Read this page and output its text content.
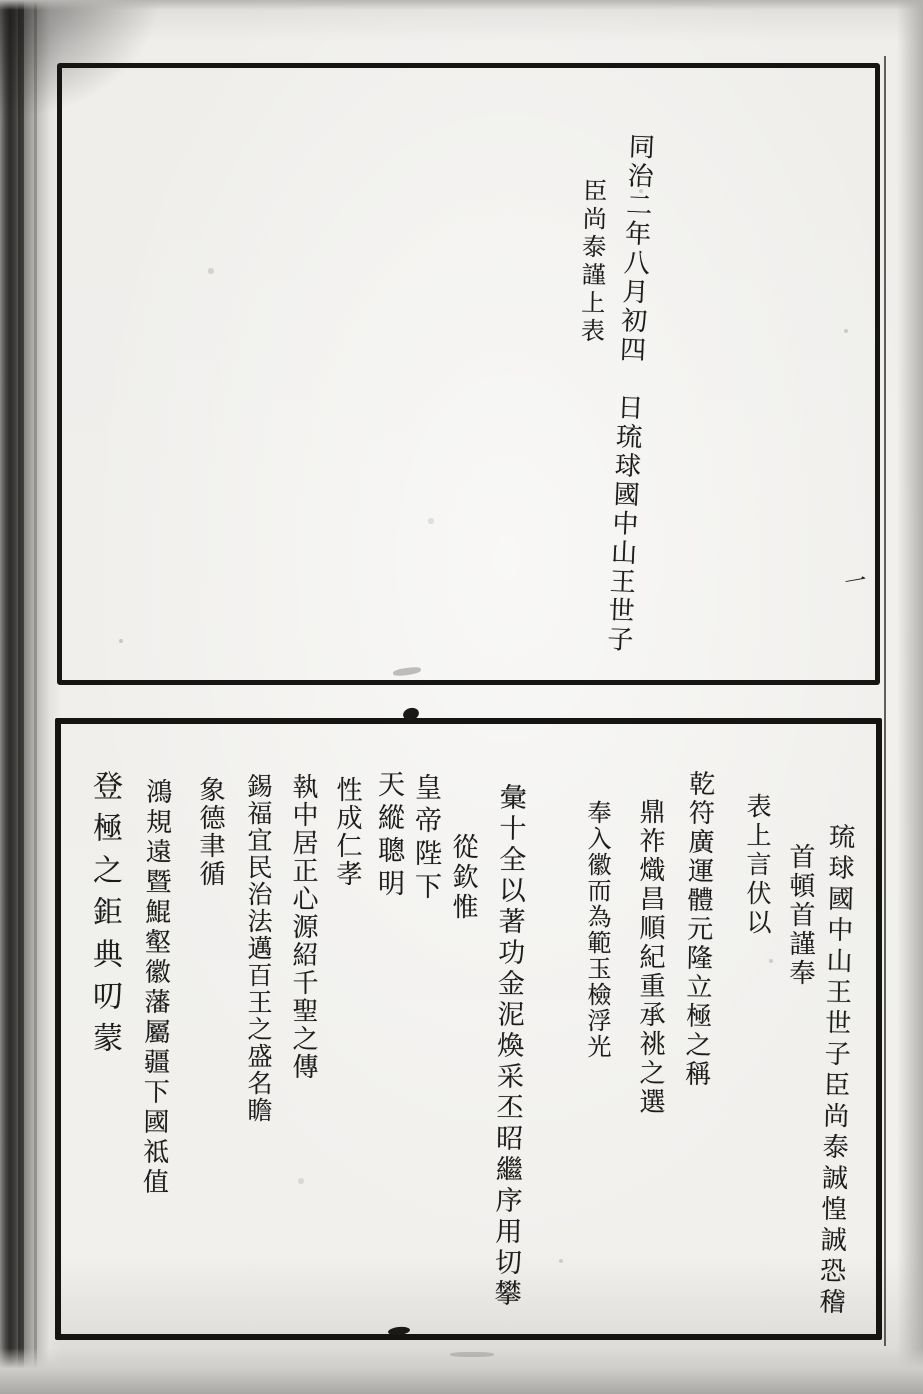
同治二年八月初四　日琉球國中山王世子
臣尚泰謹上表
一
琉球國中山王世子臣尚泰誠惶誠恐稽
首頓首謹奉
表上言伏以
乾符廣運體元隆立極之稱
鼎祚熾昌順紀重承祧之選
奉入徽而為範玉檢浮光
彙十全以著功金泥煥采丕昭繼序用切攀
從欽惟
皇帝陛下
天縱聰明
性成仁孝
執中居正心源紹千聖之傳
錫福宜民治法邁百王之盛名瞻
象德聿循
鴻規遠暨鯤壑徽藩屬疆下國祗值
登極之鉅典叨蒙
